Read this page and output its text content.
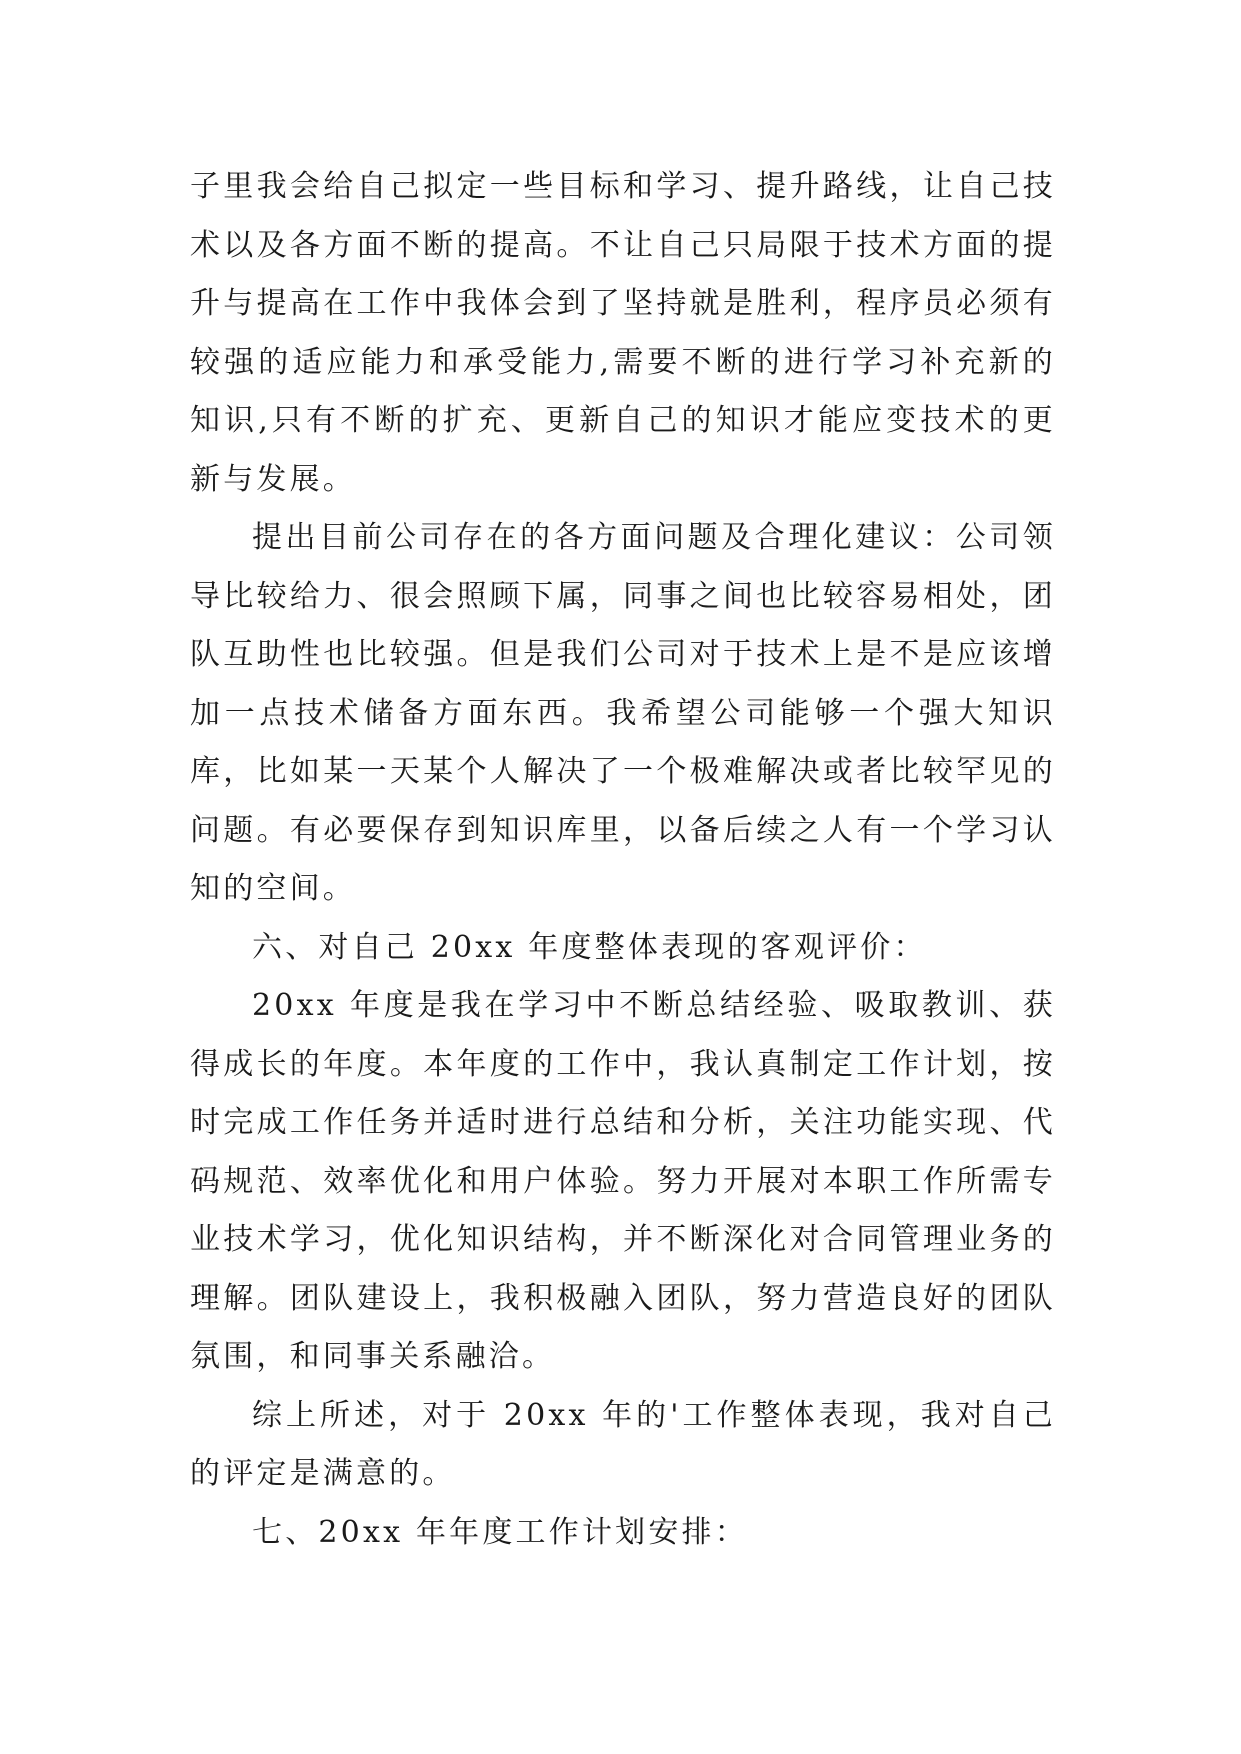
子里我会给自己拟定一些目标和学习、提升路线，让自己技术以及各方面不断的提高。不让自己只局限于技术方面的提升与提高在工作中我体会到了坚持就是胜利，程序员必须有较强的适应能力和承受能力,需要不断的进行学习补充新的知识,只有不断的扩充、更新自己的知识才能应变技术的更新与发展。

提出目前公司存在的各方面问题及合理化建议：公司领导比较给力、很会照顾下属，同事之间也比较容易相处，团队互助性也比较强。但是我们公司对于技术上是不是应该增加一点技术储备方面东西。我希望公司能够一个强大知识库，比如某一天某个人解决了一个极难解决或者比较罕见的问题。有必要保存到知识库里，以备后续之人有一个学习认知的空间。

六、对自己 20xx 年度整体表现的客观评价：

20xx 年度是我在学习中不断总结经验、吸取教训、获得成长的年度。本年度的工作中，我认真制定工作计划，按时完成工作任务并适时进行总结和分析，关注功能实现、代码规范、效率优化和用户体验。努力开展对本职工作所需专业技术学习，优化知识结构，并不断深化对合同管理业务的理解。团队建设上，我积极融入团队，努力营造良好的团队氛围，和同事关系融洽。

综上所述，对于 20xx 年的'工作整体表现，我对自己的评定是满意的。

七、20xx 年年度工作计划安排：
